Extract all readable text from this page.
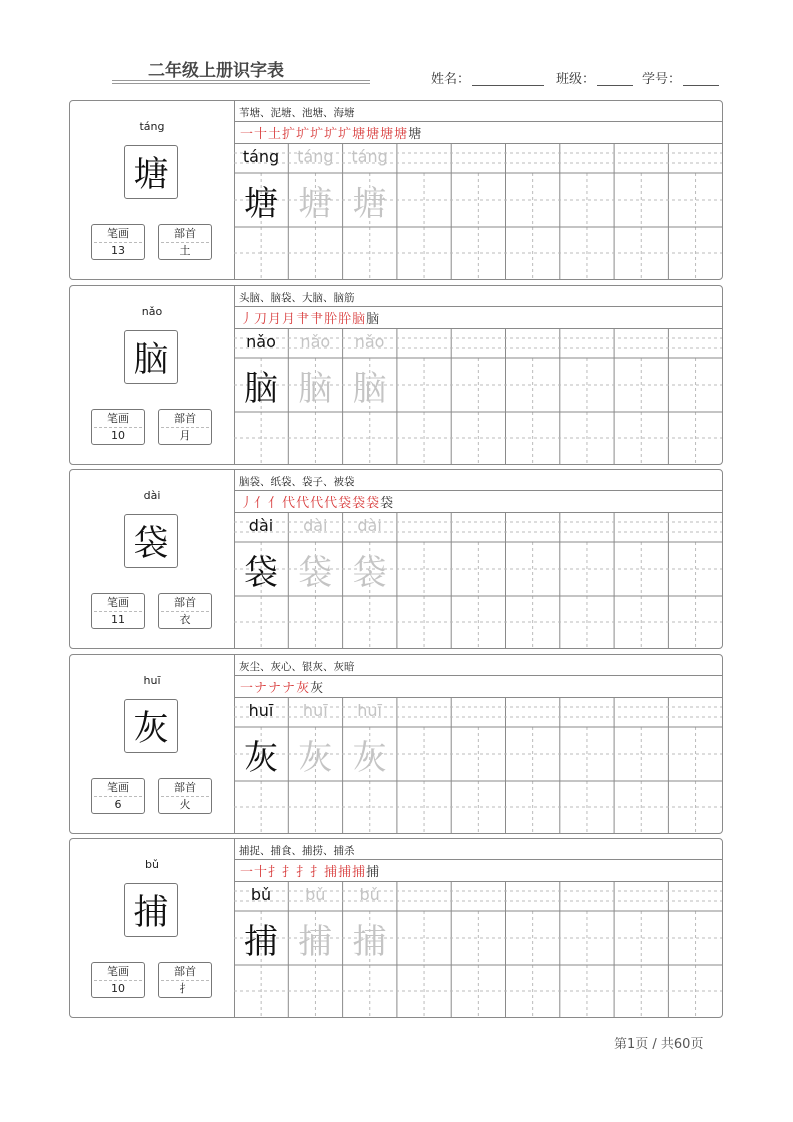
二年级上册识字表	姓名：	班级：	学号：
táng
塘
笔画
13
部首
土
苇塘、泥塘、池塘、海塘
一十土扩圹圹圹圹塘塘塘塘塘
táng
塘
táng
塘
táng
塘
nǎo
脑
笔画
10
部首
月
头脑、脑袋、大脑、脑筋
丿刀月月肀肀肸肸脑脑
nǎo
脑
nǎo
脑
nǎo
脑
dài
袋
笔画
11
部首
衣
脑袋、纸袋、袋子、被袋
丿亻亻代代代代袋袋袋袋
dài
袋
dài
袋
dài
袋
huī
灰
笔画
6
部首
火
灰尘、灰心、银灰、灰暗
一ナナナ灰灰
huī
灰
huī
灰
huī
灰
bǔ
捕
笔画
10
部首
扌
捕捉、捕食、捕捞、捕杀
一十扌扌扌扌捕捕捕捕
bǔ
捕
bǔ
捕
bǔ
捕
第1页 / 共60页
